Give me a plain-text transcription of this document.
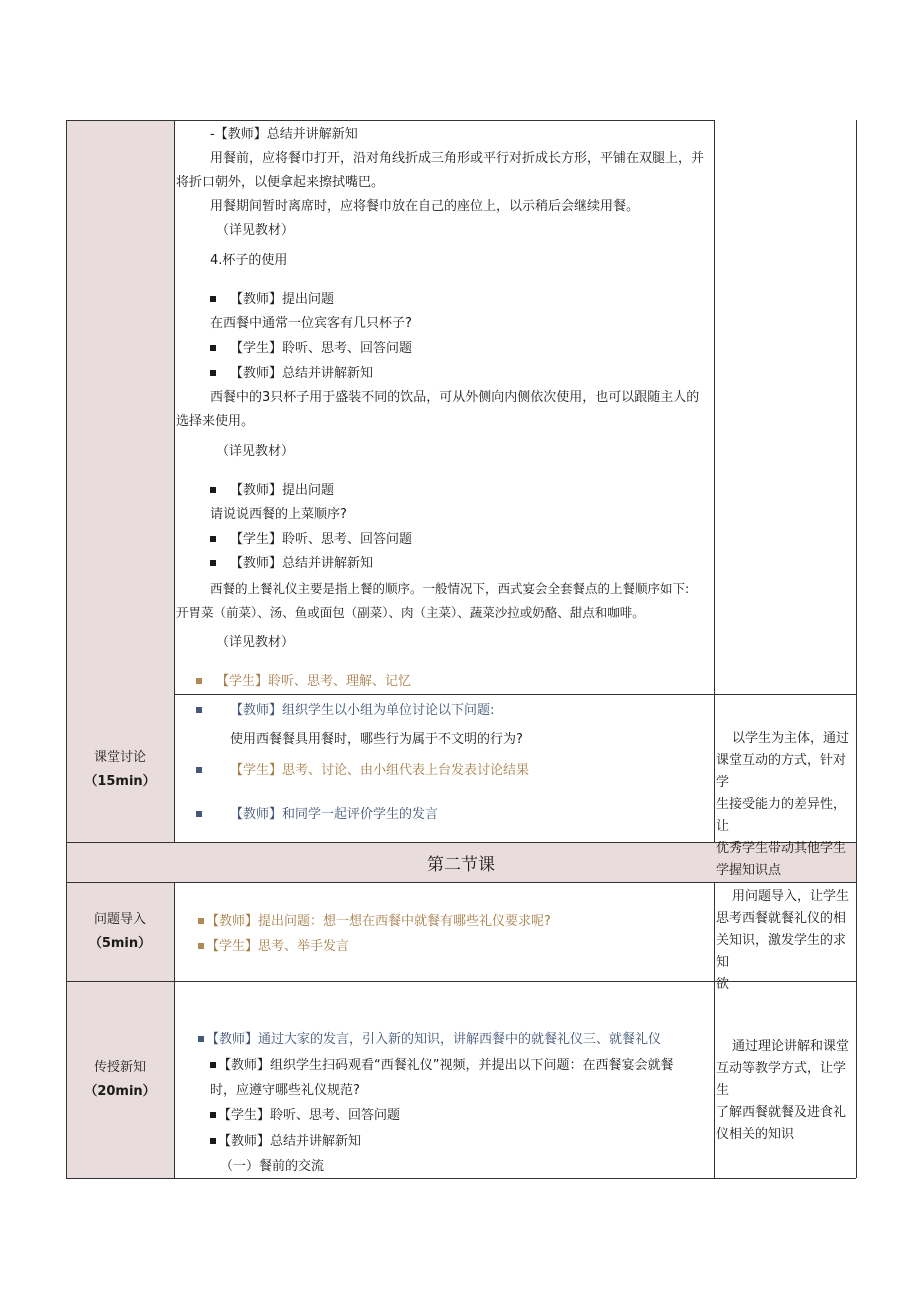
-【教师】总结并讲解新知
用餐前，应将餐巾打开，沿对角线折成三角形或平行对折成长方形，平铺在双腿上，并
将折口朝外，以便拿起来擦拭嘴巴。
用餐期间暂时离席时，应将餐巾放在自己的座位上，以示稍后会继续用餐。
（详见教材）
4.杯子的使用
【教师】提出问题
在西餐中通常一位宾客有几只杯子?
【学生】聆听、思考、回答问题
【教师】总结并讲解新知
西餐中的3只杯子用于盛装不同的饮品，可从外侧向内侧依次使用，也可以跟随主人的
选择来使用。
（详见教材）
【教师】提出问题
请说说西餐的上菜顺序?
【学生】聆听、思考、回答问题
【教师】总结并讲解新知
西餐的上餐礼仪主要是指上餐的顺序。一般情况下，西式宴会全套餐点的上餐顺序如下:
开胃菜（前菜）、汤、鱼或面包（副菜）、肉（主菜）、蔬菜沙拉或奶酪、甜点和咖啡。
（详见教材）
【学生】聆听、思考、理解、记忆
课堂讨论
（15min）
【教师】组织学生以小组为单位讨论以下问题:
使用西餐餐具用餐时，哪些行为属于不文明的行为?
【学生】思考、讨论、由小组代表上台发表讨论结果
【教师】和同学一起评价学生的发言
以学生为主体，通过
课堂互动的方式，针对学
生接受能力的差异性，让
优秀学生带动其他学生
学握知识点
第二节课
问题导入
（5min）
【教师】提出问题：想一想在西餐中就餐有哪些礼仪要求呢?
【学生】思考、举手发言
用问题导入，让学生
思考西餐就餐礼仪的相
关知识，激发学生的求知
欲
传授新知
（20min）
【教师】通过大家的发言，引入新的知识，讲解西餐中的就餐礼仪三、就餐礼仪
【教师】组织学生扫码观看“西餐礼仪”视频，并提出以下问题：在西餐宴会就餐
时，应遵守哪些礼仪规范?
【学生】聆听、思考、回答问题
【教师】总结并讲解新知
（一）餐前的交流
通过理论讲解和课堂
互动等教学方式，让学生
了解西餐就餐及进食礼
仪相关的知识
